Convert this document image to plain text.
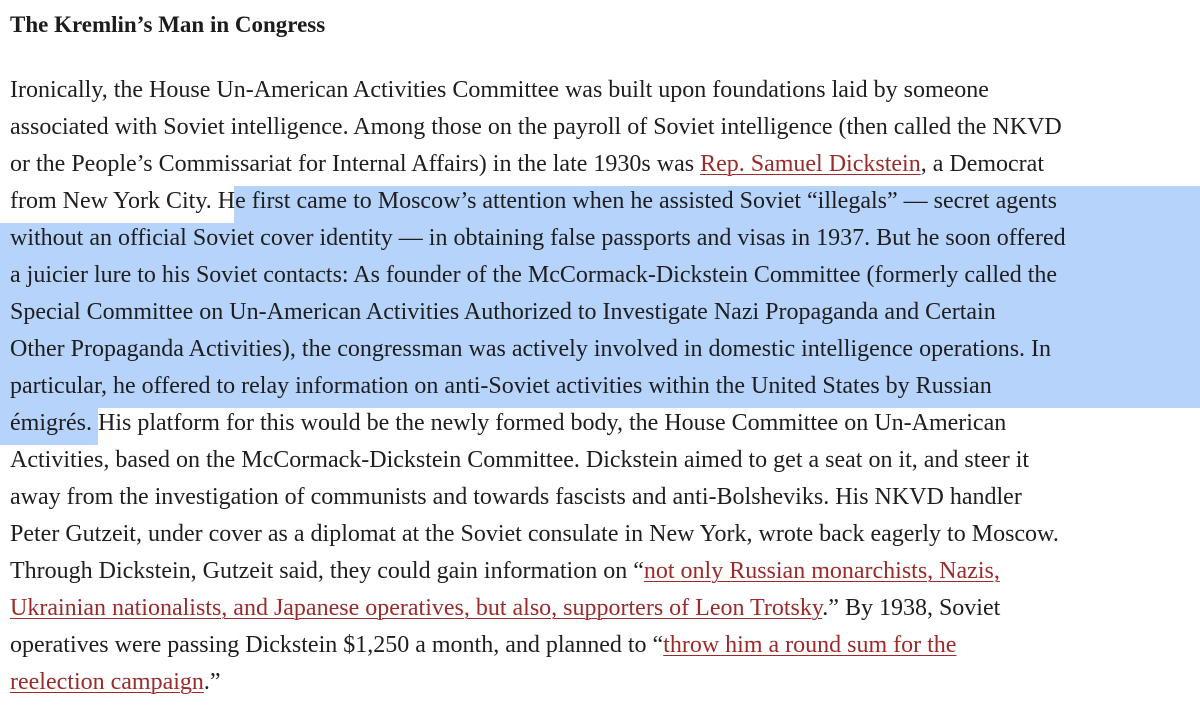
The Kremlin’s Man in Congress
Ironically, the House Un-American Activities Committee was built upon foundations laid by someone
associated with Soviet intelligence. Among those on the payroll of Soviet intelligence (then called the NKVD
or the People’s Commissariat for Internal Affairs) in the late 1930s was Rep. Samuel Dickstein, a Democrat
from New York City. He first came to Moscow’s attention when he assisted Soviet “illegals” — secret agents
without an official Soviet cover identity — in obtaining false passports and visas in 1937. But he soon offered
a juicier lure to his Soviet contacts: As founder of the McCormack-Dickstein Committee (formerly called the
Special Committee on Un-American Activities Authorized to Investigate Nazi Propaganda and Certain
Other Propaganda Activities), the congressman was actively involved in domestic intelligence operations. In
particular, he offered to relay information on anti-Soviet activities within the United States by Russian
émigrés. His platform for this would be the newly formed body, the House Committee on Un-American
Activities, based on the McCormack-Dickstein Committee. Dickstein aimed to get a seat on it, and steer it
away from the investigation of communists and towards fascists and anti-Bolsheviks. His NKVD handler
Peter Gutzeit, under cover as a diplomat at the Soviet consulate in New York, wrote back eagerly to Moscow.
Through Dickstein, Gutzeit said, they could gain information on “not only Russian monarchists, Nazis,
Ukrainian nationalists, and Japanese operatives, but also, supporters of Leon Trotsky.” By 1938, Soviet
operatives were passing Dickstein $1,250 a month, and planned to “throw him a round sum for the
reelection campaign.”
